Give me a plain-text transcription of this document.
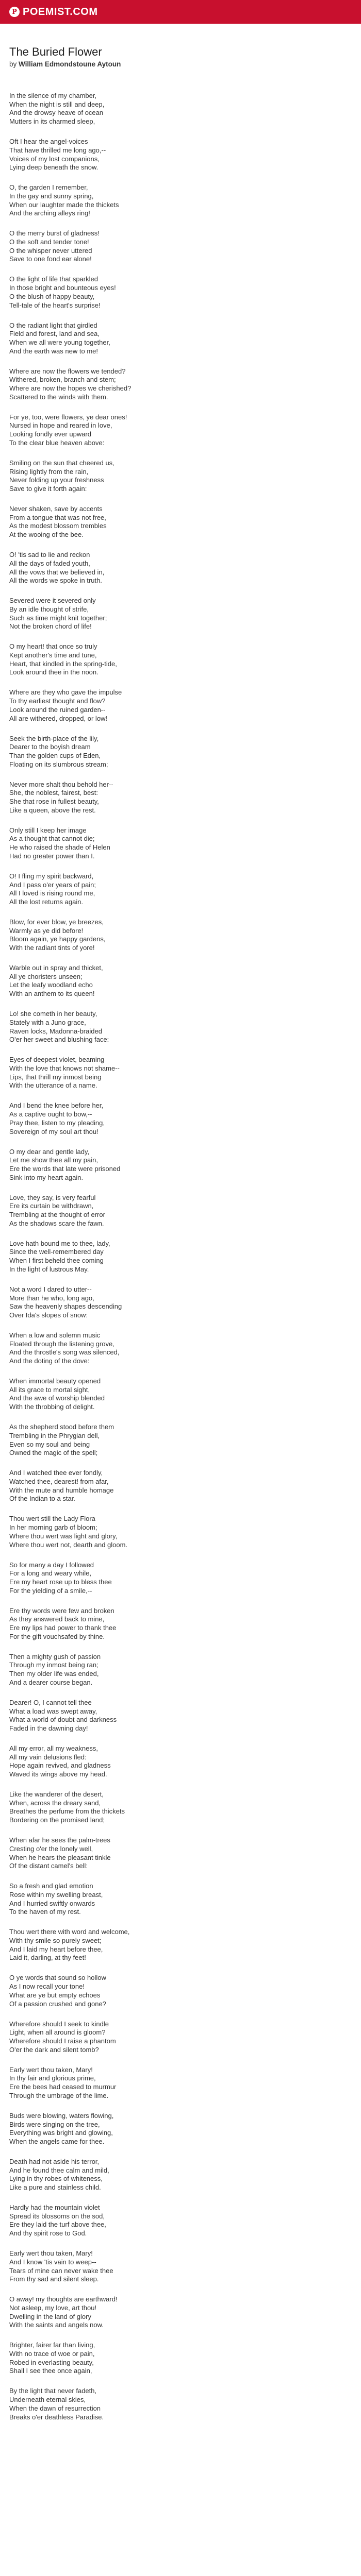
P POEMIST.COM
The Buried Flower
by William Edmondstoune Aytoun

In the silence of my chamber,
When the night is still and deep,
And the drowsy heave of ocean
Mutters in its charmed sleep,

Oft I hear the angel-voices
That have thrilled me long ago,--
Voices of my lost companions,
Lying deep beneath the snow.

O, the garden I remember,
In the gay and sunny spring,
When our laughter made the thickets
And the arching alleys ring!

O the merry burst of gladness!
O the soft and tender tone!
O the whisper never uttered
Save to one fond ear alone!

O the light of life that sparkled
In those bright and bounteous eyes!
O the blush of happy beauty,
Tell-tale of the heart's surprise!

O the radiant light that girdled
Field and forest, land and sea,
When we all were young together,
And the earth was new to me!

Where are now the flowers we tended?
Withered, broken, branch and stem;
Where are now the hopes we cherished?
Scattered to the winds with them.

For ye, too, were flowers, ye dear ones!
Nursed in hope and reared in love,
Looking fondly ever upward
To the clear blue heaven above:

Smiling on the sun that cheered us,
Rising lightly from the rain,
Never folding up your freshness
Save to give it forth again:

Never shaken, save by accents
From a tongue that was not free,
As the modest blossom trembles
At the wooing of the bee.

O! 'tis sad to lie and reckon
All the days of faded youth,
All the vows that we believed in,
All the words we spoke in truth.

Severed were it severed only
By an idle thought of strife,
Such as time might knit together;
Not the broken chord of life!

O my heart! that once so truly
Kept another's time and tune,
Heart, that kindled in the spring-tide,
Look around thee in the noon.

Where are they who gave the impulse
To thy earliest thought and flow?
Look around the ruined garden--
All are withered, dropped, or low!

Seek the birth-place of the lily,
Dearer to the boyish dream
Than the golden cups of Eden,
Floating on its slumbrous stream;

Never more shalt thou behold her--
She, the noblest, fairest, best:
She that rose in fullest beauty,
Like a queen, above the rest.

Only still I keep her image
As a thought that cannot die;
He who raised the shade of Helen
Had no greater power than I.

O! I fling my spirit backward,
And I pass o'er years of pain;
All I loved is rising round me,
All the lost returns again.

Blow, for ever blow, ye breezes,
Warmly as ye did before!
Bloom again, ye happy gardens,
With the radiant tints of yore!

Warble out in spray and thicket,
All ye choristers unseen;
Let the leafy woodland echo
With an anthem to its queen!

Lo! she cometh in her beauty,
Stately with a Juno grace,
Raven locks, Madonna-braided
O'er her sweet and blushing face:

Eyes of deepest violet, beaming
With the love that knows not shame--
Lips, that thrill my inmost being
With the utterance of a name.

And I bend the knee before her,
As a captive ought to bow,--
Pray thee, listen to my pleading,
Sovereign of my soul art thou!

O my dear and gentle lady,
Let me show thee all my pain,
Ere the words that late were prisoned
Sink into my heart again.

Love, they say, is very fearful
Ere its curtain be withdrawn,
Trembling at the thought of error
As the shadows scare the fawn.

Love hath bound me to thee, lady,
Since the well-remembered day
When I first beheld thee coming
In the light of lustrous May.

Not a word I dared to utter--
More than he who, long ago,
Saw the heavenly shapes descending
Over Ida's slopes of snow:

When a low and solemn music
Floated through the listening grove,
And the throstle's song was silenced,
And the doting of the dove:

When immortal beauty opened
All its grace to mortal sight,
And the awe of worship blended
With the throbbing of delight.

As the shepherd stood before them
Trembling in the Phrygian dell,
Even so my soul and being
Owned the magic of the spell;

And I watched thee ever fondly,
Watched thee, dearest! from afar,
With the mute and humble homage
Of the Indian to a star.

Thou wert still the Lady Flora
In her morning garb of bloom;
Where thou wert was light and glory,
Where thou wert not, dearth and gloom.

So for many a day I followed
For a long and weary while,
Ere my heart rose up to bless thee
For the yielding of a smile,--

Ere thy words were few and broken
As they answered back to mine,
Ere my lips had power to thank thee
For the gift vouchsafed by thine.

Then a mighty gush of passion
Through my inmost being ran;
Then my older life was ended,
And a dearer course began.

Dearer! O, I cannot tell thee
What a load was swept away,
What a world of doubt and darkness
Faded in the dawning day!

All my error, all my weakness,
All my vain delusions fled:
Hope again revived, and gladness
Waved its wings above my head.

Like the wanderer of the desert,
When, across the dreary sand,
Breathes the perfume from the thickets
Bordering on the promised land;

When afar he sees the palm-trees
Cresting o'er the lonely well,
When he hears the pleasant tinkle
Of the distant camel's bell:

So a fresh and glad emotion
Rose within my swelling breast,
And I hurried swiftly onwards
To the haven of my rest.

Thou wert there with word and welcome,
With thy smile so purely sweet;
And I laid my heart before thee,
Laid it, darling, at thy feet!

O ye words that sound so hollow
As I now recall your tone!
What are ye but empty echoes
Of a passion crushed and gone?

Wherefore should I seek to kindle
Light, when all around is gloom?
Wherefore should I raise a phantom
O'er the dark and silent tomb?

Early wert thou taken, Mary!
In thy fair and glorious prime,
Ere the bees had ceased to murmur
Through the umbrage of the lime.

Buds were blowing, waters flowing,
Birds were singing on the tree,
Everything was bright and glowing,
When the angels came for thee.

Death had not aside his terror,
And he found thee calm and mild,
Lying in thy robes of whiteness,
Like a pure and stainless child.

Hardly had the mountain violet
Spread its blossoms on the sod,
Ere they laid the turf above thee,
And thy spirit rose to God.

Early wert thou taken, Mary!
And I know 'tis vain to weep--
Tears of mine can never wake thee
From thy sad and silent sleep.

O away! my thoughts are earthward!
Not asleep, my love, art thou!
Dwelling in the land of glory
With the saints and angels now.

Brighter, fairer far than living,
With no trace of woe or pain,
Robed in everlasting beauty,
Shall I see thee once again,

By the light that never fadeth,
Underneath eternal skies,
When the dawn of resurrection
Breaks o'er deathless Paradise.
